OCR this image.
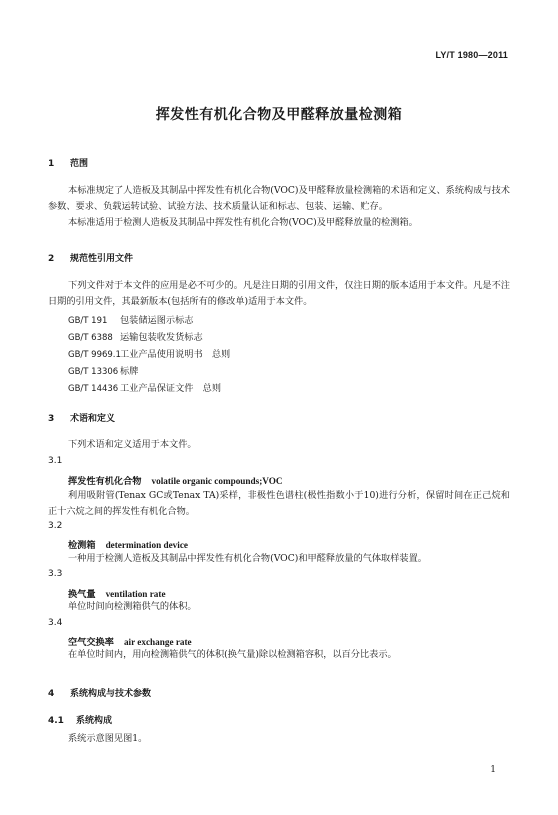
LY/T 1980—2011
挥发性有机化合物及甲醛释放量检测箱
1 范围
本标准规定了人造板及其制品中挥发性有机化合物(VOC)及甲醛释放量检测箱的术语和定义、系统构成与技术参数、要求、负载运转试验、试验方法、技术质量认证和标志、包装、运输、贮存。
本标准适用于检测人造板及其制品中挥发性有机化合物(VOC)及甲醛释放量的检测箱。
2 规范性引用文件
下列文件对于本文件的应用是必不可少的。凡是注日期的引用文件，仅注日期的版本适用于本文件。凡是不注日期的引用文件，其最新版本(包括所有的修改单)适用于本文件。
GB/T 191 包装储运图示标志
GB/T 6388 运输包装收发货标志
GB/T 9969.1工业产品使用说明书　总则
GB/T 13306 标牌
GB/T 14436 工业产品保证文件　总则
3 术语和定义
下列术语和定义适用于本文件。
3.1
挥发性有机化合物 volatile organic compounds;VOC
利用吸附管(Tenax GC或Tenax TA)采样，非极性色谱柱(极性指数小于10)进行分析，保留时间在正己烷和正十六烷之间的挥发性有机化合物。
3.2
检测箱 determination device
一种用于检测人造板及其制品中挥发性有机化合物(VOC)和甲醛释放量的气体取样装置。
3.3
换气量 ventilation rate
单位时间向检测箱供气的体积。
3.4
空气交换率 air exchange rate
在单位时间内，用向检测箱供气的体积(换气量)除以检测箱容积，以百分比表示。
4 系统构成与技术参数
4.1 系统构成
系统示意图见图1。
1
